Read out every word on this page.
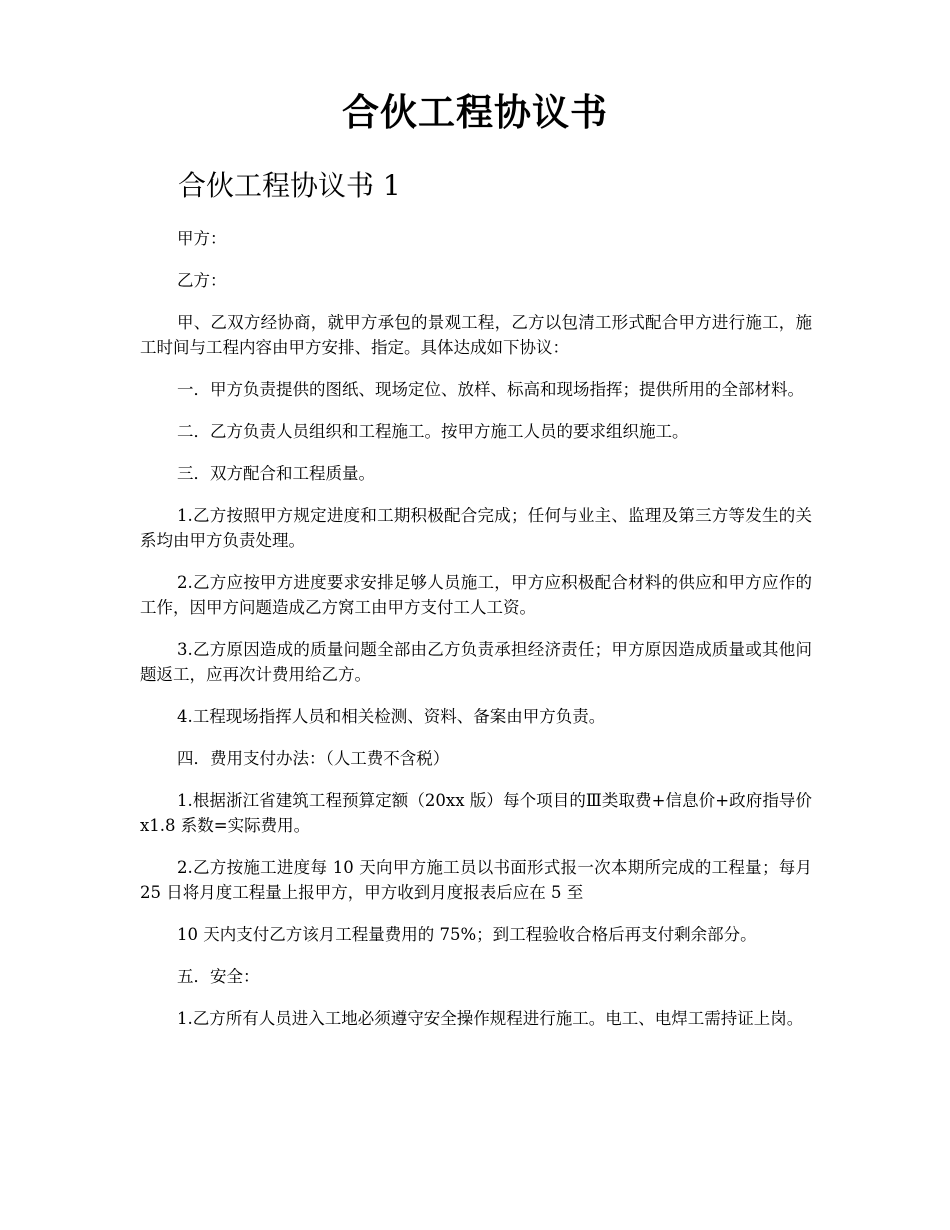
合伙工程协议书
合伙工程协议书 1

甲方：

乙方：

甲、乙双方经协商，就甲方承包的景观工程，乙方以包清工形式配合甲方进行施工，施工时间与工程内容由甲方安排、指定。具体达成如下协议：

一．甲方负责提供的图纸、现场定位、放样、标高和现场指挥；提供所用的全部材料。

二．乙方负责人员组织和工程施工。按甲方施工人员的要求组织施工。

三．双方配合和工程质量。

1.乙方按照甲方规定进度和工期积极配合完成；任何与业主、监理及第三方等发生的关系均由甲方负责处理。

2.乙方应按甲方进度要求安排足够人员施工，甲方应积极配合材料的供应和甲方应作的工作，因甲方问题造成乙方窝工由甲方支付工人工资。

3.乙方原因造成的质量问题全部由乙方负责承担经济责任；甲方原因造成质量或其他问题返工，应再次计费用给乙方。

4.工程现场指挥人员和相关检测、资料、备案由甲方负责。

四．费用支付办法：（人工费不含税）

1.根据浙江省建筑工程预算定额（20xx 版）每个项目的Ⅲ类取费+信息价+政府指导价 x1.8 系数=实际费用。

2.乙方按施工进度每 10 天向甲方施工员以书面形式报一次本期所完成的工程量；每月 25 日将月度工程量上报甲方，甲方收到月度报表后应在 5 至

10 天内支付乙方该月工程量费用的 75%；到工程验收合格后再支付剩余部分。

五．安全：

1.乙方所有人员进入工地必须遵守安全操作规程进行施工。电工、电焊工需持证上岗。
